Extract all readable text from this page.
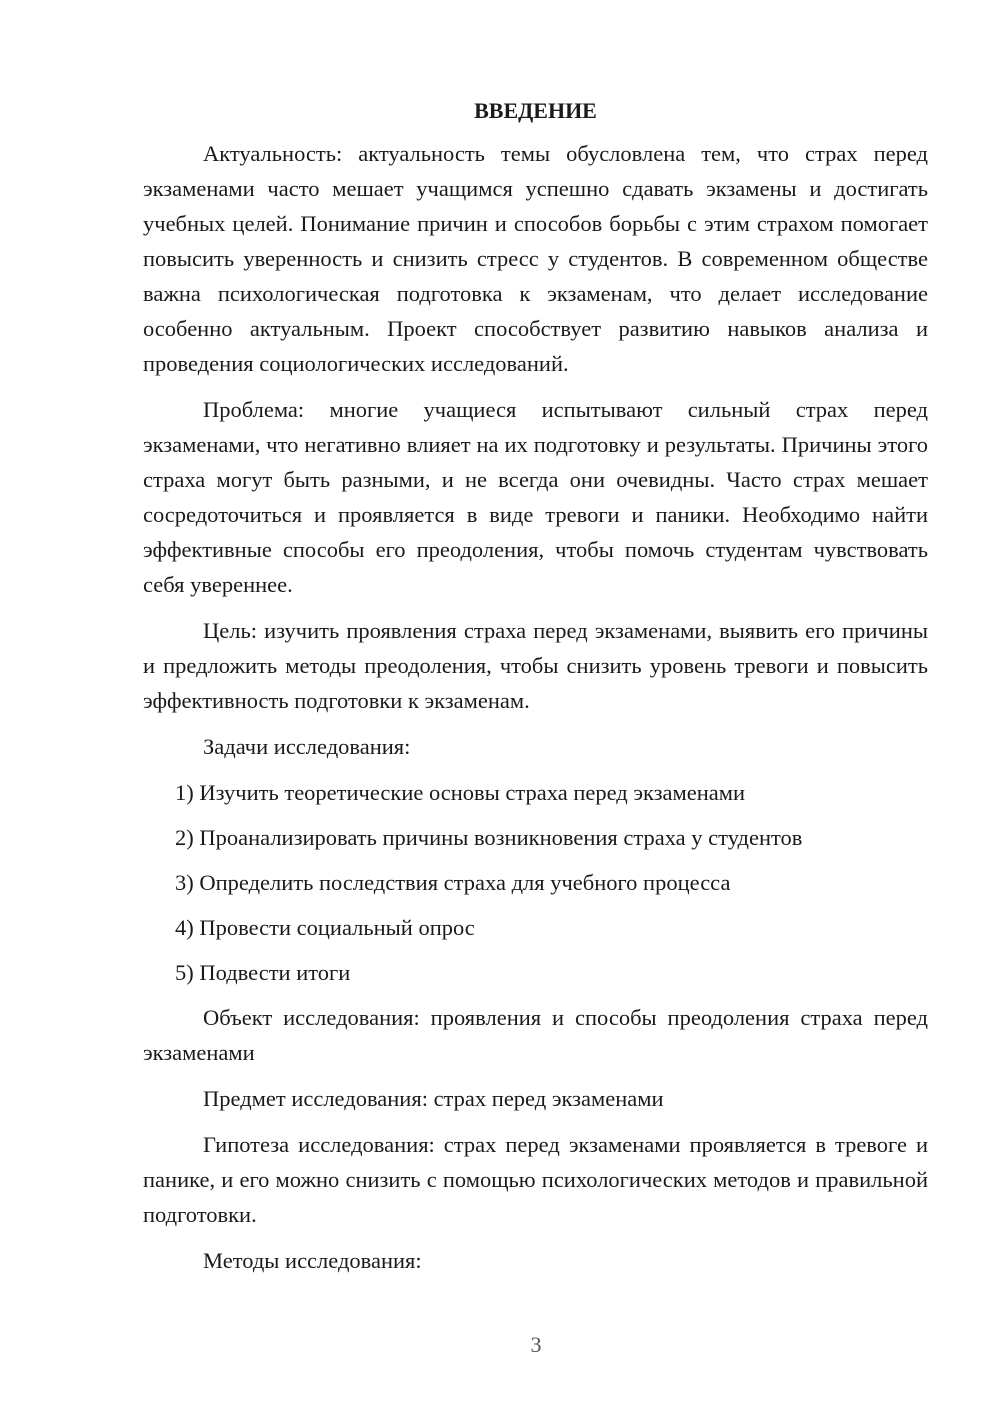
ВВЕДЕНИЕ

Актуальность: актуальность темы обусловлена тем, что страх перед экзаменами часто мешает учащимся успешно сдавать экзамены и достигать учебных целей. Понимание причин и способов борьбы с этим страхом помогает повысить уверенность и снизить стресс у студентов. В современном обществе важна психологическая подготовка к экзаменам, что делает исследование особенно актуальным. Проект способствует развитию навыков анализа и проведения социологических исследований.

Проблема: многие учащиеся испытывают сильный страх перед экзаменами, что негативно влияет на их подготовку и результаты. Причины этого страха могут быть разными, и не всегда они очевидны. Часто страх мешает сосредоточиться и проявляется в виде тревоги и паники. Необходимо найти эффективные способы его преодоления, чтобы помочь студентам чувствовать себя увереннее.

Цель: изучить проявления страха перед экзаменами, выявить его причины и предложить методы преодоления, чтобы снизить уровень тревоги и повысить эффективность подготовки к экзаменам.

Задачи исследования:

1) Изучить теоретические основы страха перед экзаменами
2) Проанализировать причины возникновения страха у студентов
3) Определить последствия страха для учебного процесса
4) Провести социальный опрос
5) Подвести итоги

Объект исследования: проявления и способы преодоления страха перед экзаменами

Предмет исследования: страх перед экзаменами

Гипотеза исследования: страх перед экзаменами проявляется в тревоге и панике, и его можно снизить с помощью психологических методов и правильной подготовки.

Методы исследования:

3
